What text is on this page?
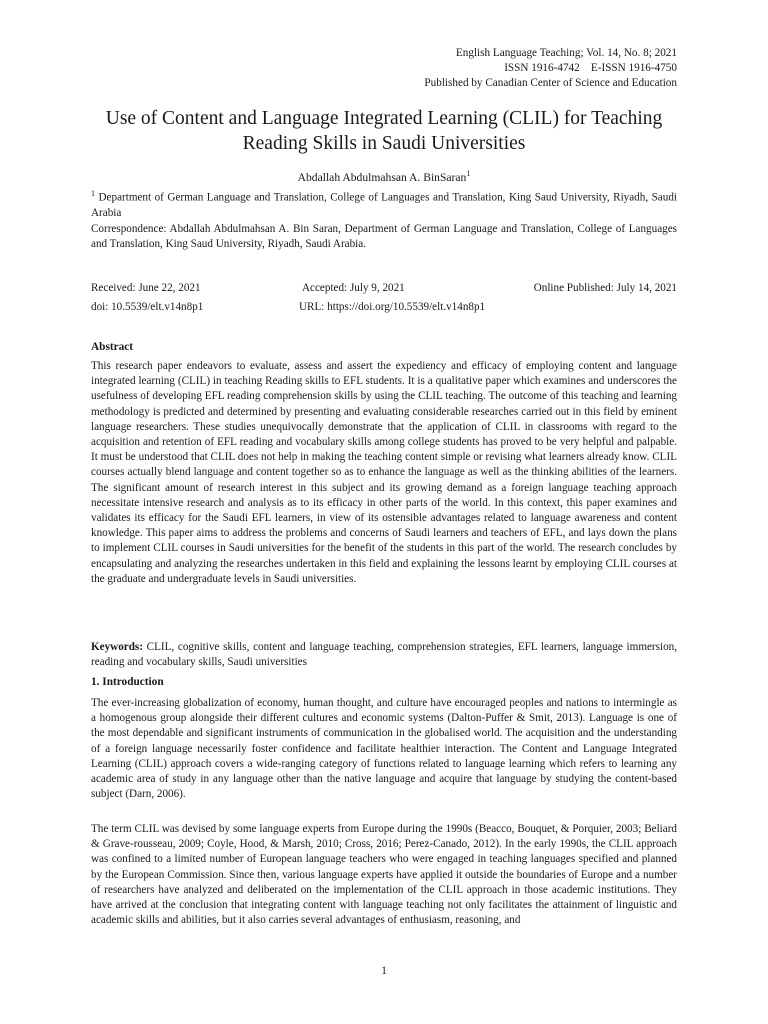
English Language Teaching; Vol. 14, No. 8; 2021
ISSN 1916-4742    E-ISSN 1916-4750
Published by Canadian Center of Science and Education
Use of Content and Language Integrated Learning (CLIL) for Teaching
Reading Skills in Saudi Universities
Abdallah Abdulmahsan A. BinSaran$^1$

$^1$ Department of German Language and Translation, College of Languages and Translation, King Saud University, Riyadh, Saudi Arabia

Correspondence: Abdallah Abdulmahsan A. Bin Saran, Department of German Language and Translation, College of Languages and Translation, King Saud University, Riyadh, Saudi Arabia.

Received: June 22, 2021	Accepted: July 9, 2021	Online Published: July 14, 2021
doi: 10.5539/elt.v14n8p1	URL: https://doi.org/10.5539/elt.v14n8p1
Abstract

This research paper endeavors to evaluate, assess and assert the expediency and efficacy of employing content and language integrated learning (CLIL) in teaching Reading skills to EFL students. It is a qualitative paper which examines and underscores the usefulness of developing EFL reading comprehension skills by using the CLIL teaching. The outcome of this teaching and learning methodology is predicted and determined by presenting and evaluating considerable researches carried out in this field by eminent language researchers. These studies unequivocally demonstrate that the application of CLIL in classrooms with regard to the acquisition and retention of EFL reading and vocabulary skills among college students has proved to be very helpful and palpable. It must be understood that CLIL does not help in making the teaching content simple or revising what learners already know. CLIL courses actually blend language and content together so as to enhance the language as well as the thinking abilities of the learners. The significant amount of research interest in this subject and its growing demand as a foreign language teaching approach necessitate intensive research and analysis as to its efficacy in other parts of the world. In this context, this paper examines and validates its efficacy for the Saudi EFL learners, in view of its ostensible advantages related to language awareness and content knowledge. This paper aims to address the problems and concerns of Saudi learners and teachers of EFL, and lays down the plans to implement CLIL courses in Saudi universities for the benefit of the students in this part of the world. The research concludes by encapsulating and analyzing the researches undertaken in this field and explaining the lessons learnt by employing CLIL courses at the graduate and undergraduate levels in Saudi universities.

Keywords: CLIL, cognitive skills, content and language teaching, comprehension strategies, EFL learners, language immersion, reading and vocabulary skills, Saudi universities

1. Introduction

The ever-increasing globalization of economy, human thought, and culture have encouraged peoples and nations to intermingle as a homogenous group alongside their different cultures and economic systems (Dalton-Puffer & Smit, 2013). Language is one of the most dependable and significant instruments of communication in the globalised world. The acquisition and the understanding of a foreign language necessarily foster confidence and facilitate healthier interaction. The Content and Language Integrated Learning (CLIL) approach covers a wide-ranging category of functions related to language learning which refers to learning any academic area of study in any language other than the native language and acquire that language by studying the content-based subject (Darn, 2006).

The term CLIL was devised by some language experts from Europe during the 1990s (Beacco, Bouquet, & Porquier, 2003; Beliard & Grave-rousseau, 2009; Coyle, Hood, & Marsh, 2010; Cross, 2016; Perez-Canado, 2012). In the early 1990s, the CLIL approach was confined to a limited number of European language teachers who were engaged in teaching languages specified and planned by the European Commission. Since then, various language experts have applied it outside the boundaries of Europe and a number of researchers have analyzed and deliberated on the implementation of the CLIL approach in those academic institutions. They have arrived at the conclusion that integrating content with language teaching not only facilitates the attainment of linguistic and academic skills and abilities, but it also carries several advantages of enthusiasm, reasoning, and

1
